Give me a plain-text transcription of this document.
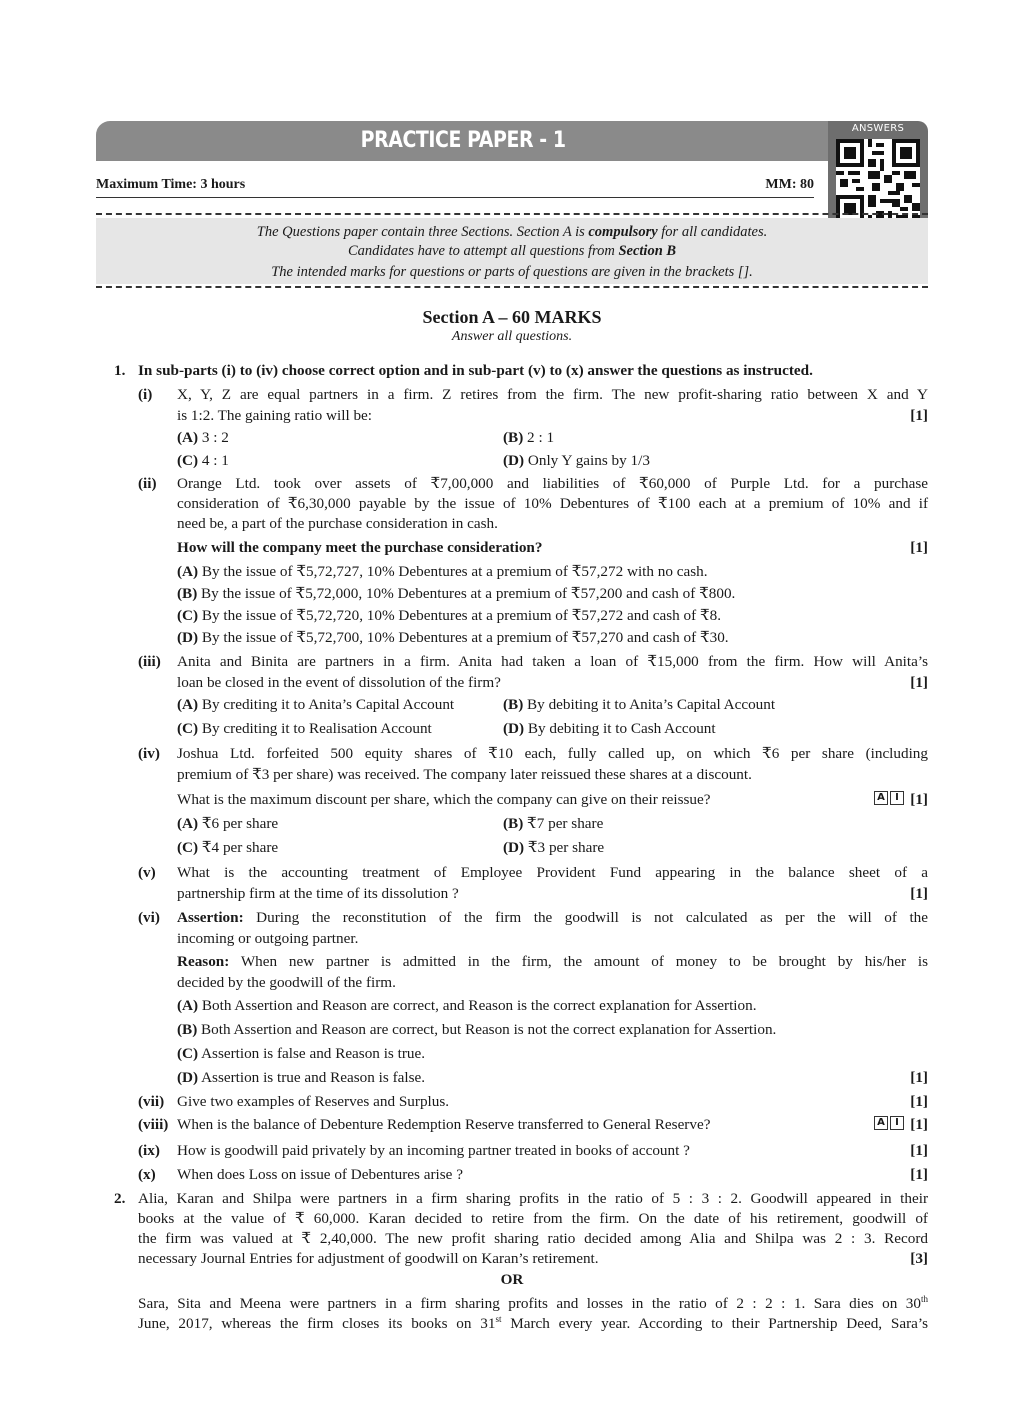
PRACTICE PAPER - 1	ANSWERS
Maximum Time: 3 hours	MM: 80
The Questions paper contain three Sections. Section A is compulsory for all candidates.
Candidates have to attempt all questions from Section B
The intended marks for questions or parts of questions are given in the brackets [].
Section A – 60 MARKS
Answer all questions.
1. In sub-parts (i) to (iv) choose correct option and in sub-part (v) to (x) answer the questions as instructed.
(i) X, Y, Z are equal partners in a firm. Z retires from the firm. The new profit-sharing ratio between X and Y
is 1:2. The gaining ratio will be:	[1]
(A) 3 : 2	(B) 2 : 1
(C) 4 : 1	(D) Only Y gains by 1/3
(ii) Orange Ltd. took over assets of ₹7,00,000 and liabilities of ₹60,000 of Purple Ltd. for a purchase
consideration of ₹6,30,000 payable by the issue of 10% Debentures of ₹100 each at a premium of 10% and if
need be, a part of the purchase consideration in cash.
How will the company meet the purchase consideration?	[1]
(A) By the issue of ₹5,72,727, 10% Debentures at a premium of ₹57,272 with no cash.
(B) By the issue of ₹5,72,000, 10% Debentures at a premium of ₹57,200 and cash of ₹800.
(C) By the issue of ₹5,72,720, 10% Debentures at a premium of ₹57,272 and cash of ₹8.
(D) By the issue of ₹5,72,700, 10% Debentures at a premium of ₹57,270 and cash of ₹30.
(iii) Anita and Binita are partners in a firm. Anita had taken a loan of ₹15,000 from the firm. How will Anita’s
loan be closed in the event of dissolution of the firm?	[1]
(A) By crediting it to Anita’s Capital Account	(B) By debiting it to Anita’s Capital Account
(C) By crediting it to Realisation Account	(D) By debiting it to Cash Account
(iv) Joshua Ltd. forfeited 500 equity shares of ₹10 each, fully called up, on which ₹6 per share (including
premium of ₹3 per share) was received. The company later reissued these shares at a discount.
What is the maximum discount per share, which the company can give on their reissue?	A	I [1]
(A) ₹6 per share	(B) ₹7 per share
(C) ₹4 per share	(D) ₹3 per share
(v) What is the accounting treatment of Employee Provident Fund appearing in the balance sheet of a
partnership firm at the time of its dissolution ?	[1]
(vi) Assertion: During the reconstitution of the firm the goodwill is not calculated as per the will of the
incoming or outgoing partner.
Reason: When new partner is admitted in the firm, the amount of money to be brought by his/her is
decided by the goodwill of the firm.
(A) Both Assertion and Reason are correct, and Reason is the correct explanation for Assertion.
(B) Both Assertion and Reason are correct, but Reason is not the correct explanation for Assertion.
(C) Assertion is false and Reason is true.
(D) Assertion is true and Reason is false.	[1]
(vii) Give two examples of Reserves and Surplus.	[1]
(viii) When is the balance of Debenture Redemption Reserve transferred to General Reserve?	A	I [1]
(ix) How is goodwill paid privately by an incoming partner treated in books of account ?	[1]
(x) When does Loss on issue of Debentures arise ?	[1]
2. Alia, Karan and Shilpa were partners in a firm sharing profits in the ratio of 5 : 3 : 2. Goodwill appeared in their
books at the value of ₹ 60,000. Karan decided to retire from the firm. On the date of his retirement, goodwill of
the firm was valued at ₹ 2,40,000. The new profit sharing ratio decided among Alia and Shilpa was 2 : 3. Record
necessary Journal Entries for adjustment of goodwill on Karan’s retirement.	[3]
OR
Sara, Sita and Meena were partners in a firm sharing profits and losses in the ratio of 2 : 2 : 1. Sara dies on 30th
June, 2017, whereas the firm closes its books on 31st March every year. According to their Partnership Deed, Sara’s
